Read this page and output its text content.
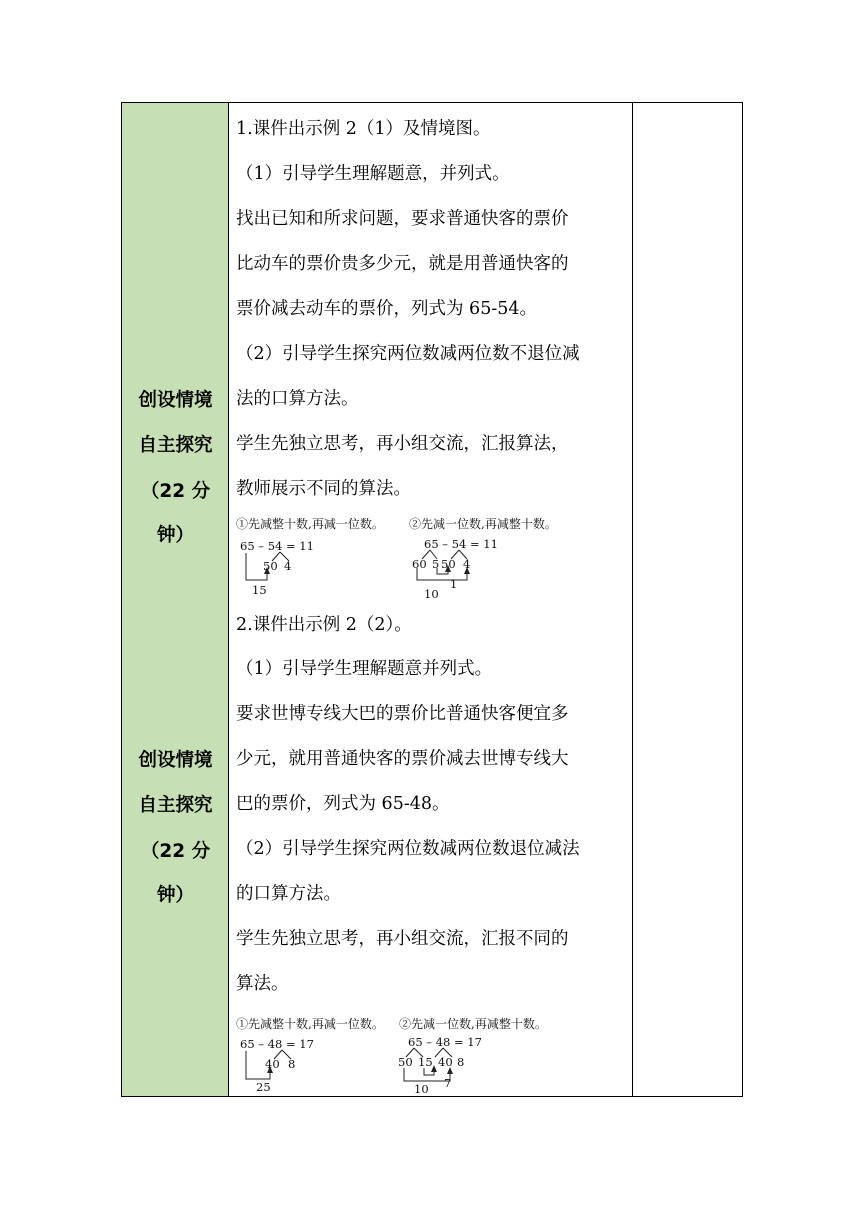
创设情境
自主探究
（22 分
钟）
创设情境
自主探究
（22 分
钟）
1.课件出示例 2（1）及情境图。
（1）引导学生理解题意，并列式。
找出已知和所求问题，要求普通快客的票价
比动车的票价贵多少元，就是用普通快客的
票价减去动车的票价，列式为 65-54。
（2）引导学生探究两位数减两位数不退位减
法的口算方法。
学生先独立思考，再小组交流，汇报算法，
教师展示不同的算法。
①先减整十数,再减一位数。
65 – 54 = 11
50 4
15
②先减一位数,再减整十数。
65 – 54 = 11
60 5 50 4
1
10
2.课件出示例 2（2）。
（1）引导学生理解题意并列式。
要求世博专线大巴的票价比普通快客便宜多
少元，就用普通快客的票价减去世博专线大
巴的票价，列式为 65-48。
（2）引导学生探究两位数减两位数退位减法
的口算方法。
学生先独立思考，再小组交流，汇报不同的
算法。
①先减整十数,再减一位数。
65 – 48 = 17
40 8
25
②先减一位数,再减整十数。
65 – 48 = 17
50 15 40 8
7
10
